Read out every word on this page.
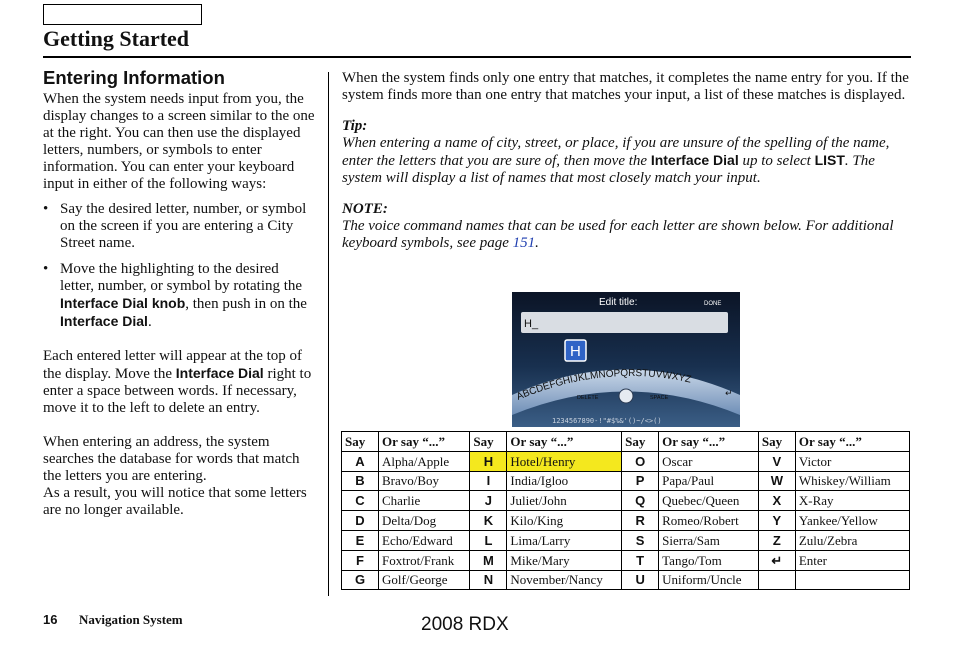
Getting Started
Entering Information

When the system needs input from you, the display changes to a screen similar to the one at the right. You can then use the displayed letters, numbers, or symbols to enter information. You can enter your keyboard input in either of the following ways:

• Say the desired letter, number, or symbol on the screen if you are entering a City Street name.
• Move the highlighting to the desired letter, number, or symbol by rotating the Interface Dial knob, then push in on the Interface Dial.

Each entered letter will appear at the top of the display. Move the Interface Dial right to enter a space between words. If necessary, move it to the left to delete an entry.

When entering an address, the system searches the database for words that match the letters you are entering.

As a result, you will notice that some letters are no longer available.

When the system finds only one entry that matches, it completes the name entry for you. If the system finds more than one entry that matches your input, a list of these matches is displayed.

Tip:

When entering a name of city, street, or place, if you are unsure of the spelling of the name, enter the letters that you are sure of, then move the Interface Dial up to select LIST. The system will display a list of names that most closely match your input.

NOTE:

The voice command names that can be used for each letter are shown below. For additional keyboard symbols, see page 151.

Edit title:	DONE
H_
H
ABCDEFGHIJKLMNOPQRSTUVWXYZ
DELETE	SPACE	↵
1234567890-!"#$%&'()~/<>()
Say	Or say “...”	Say	Or say “...”	Say	Or say “...”	Say	Or say “...”
A	Alpha/Apple	H	Hotel/Henry	O	Oscar	V	Victor
B	Bravo/Boy	I	India/Igloo	P	Papa/Paul	W	Whiskey/William
C	Charlie	J	Juliet/John	Q	Quebec/Queen	X	X-Ray
D	Delta/Dog	K	Kilo/King	R	Romeo/Robert	Y	Yankee/Yellow
E	Echo/Edward	L	Lima/Larry	S	Sierra/Sam	Z	Zulu/Zebra
F	Foxtrot/Frank	M	Mike/Mary	T	Tango/Tom	↵	Enter
G	Golf/George	N	November/Nancy	U	Uniform/Uncle		
16 Navigation System	2008 RDX
